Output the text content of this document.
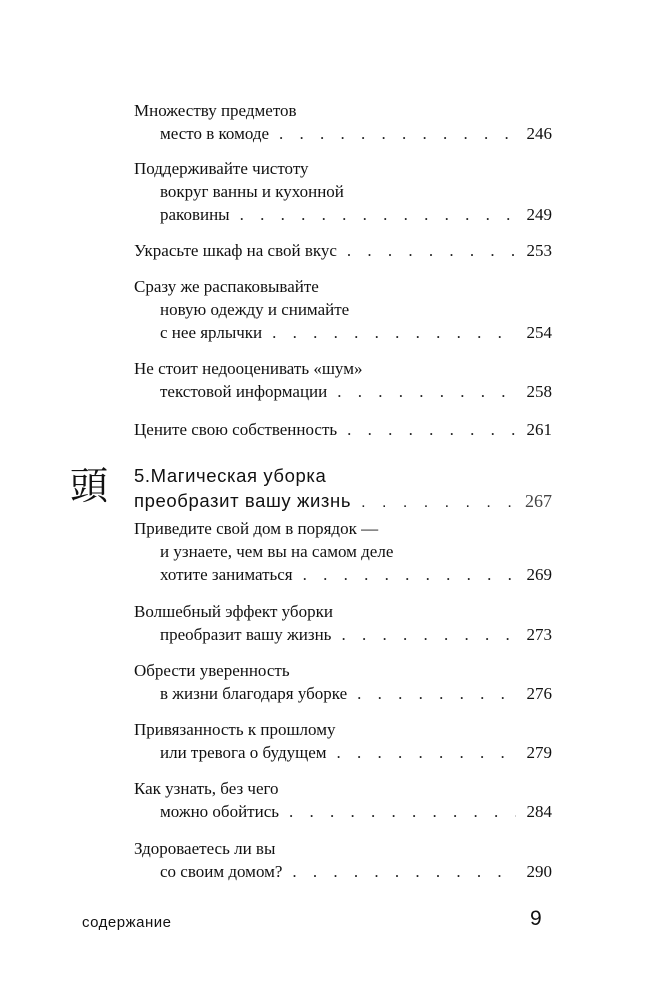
Множеству предметов
место в комоде . . .	246
Поддерживайте чистоту
вокруг ванны и кухонной
раковины . . .	249
Украсьте шкаф на свой вкус . . .	253
Сразу же распаковывайте
новую одежду и снимайте
с нее ярлычки . . .	254
Не стоит недооценивать «шум»
текстовой информации . . .	258
Цените свою собственность . . .	261
頭 5.Магическая уборка
преобразит вашу жизнь . . .	267
Приведите свой дом в порядок —
и узнаете, чем вы на самом деле
хотите заниматься . . .	269
Волшебный эффект уборки
преобразит вашу жизнь . . .	273
Обрести уверенность
в жизни благодаря уборке . . .	276
Привязанность к прошлому
или тревога о будущем . . .	279
Как узнать, без чего
можно обойтись . . .	284
Здороваетесь ли вы
со своим домом? . . .	290
содержание	9
